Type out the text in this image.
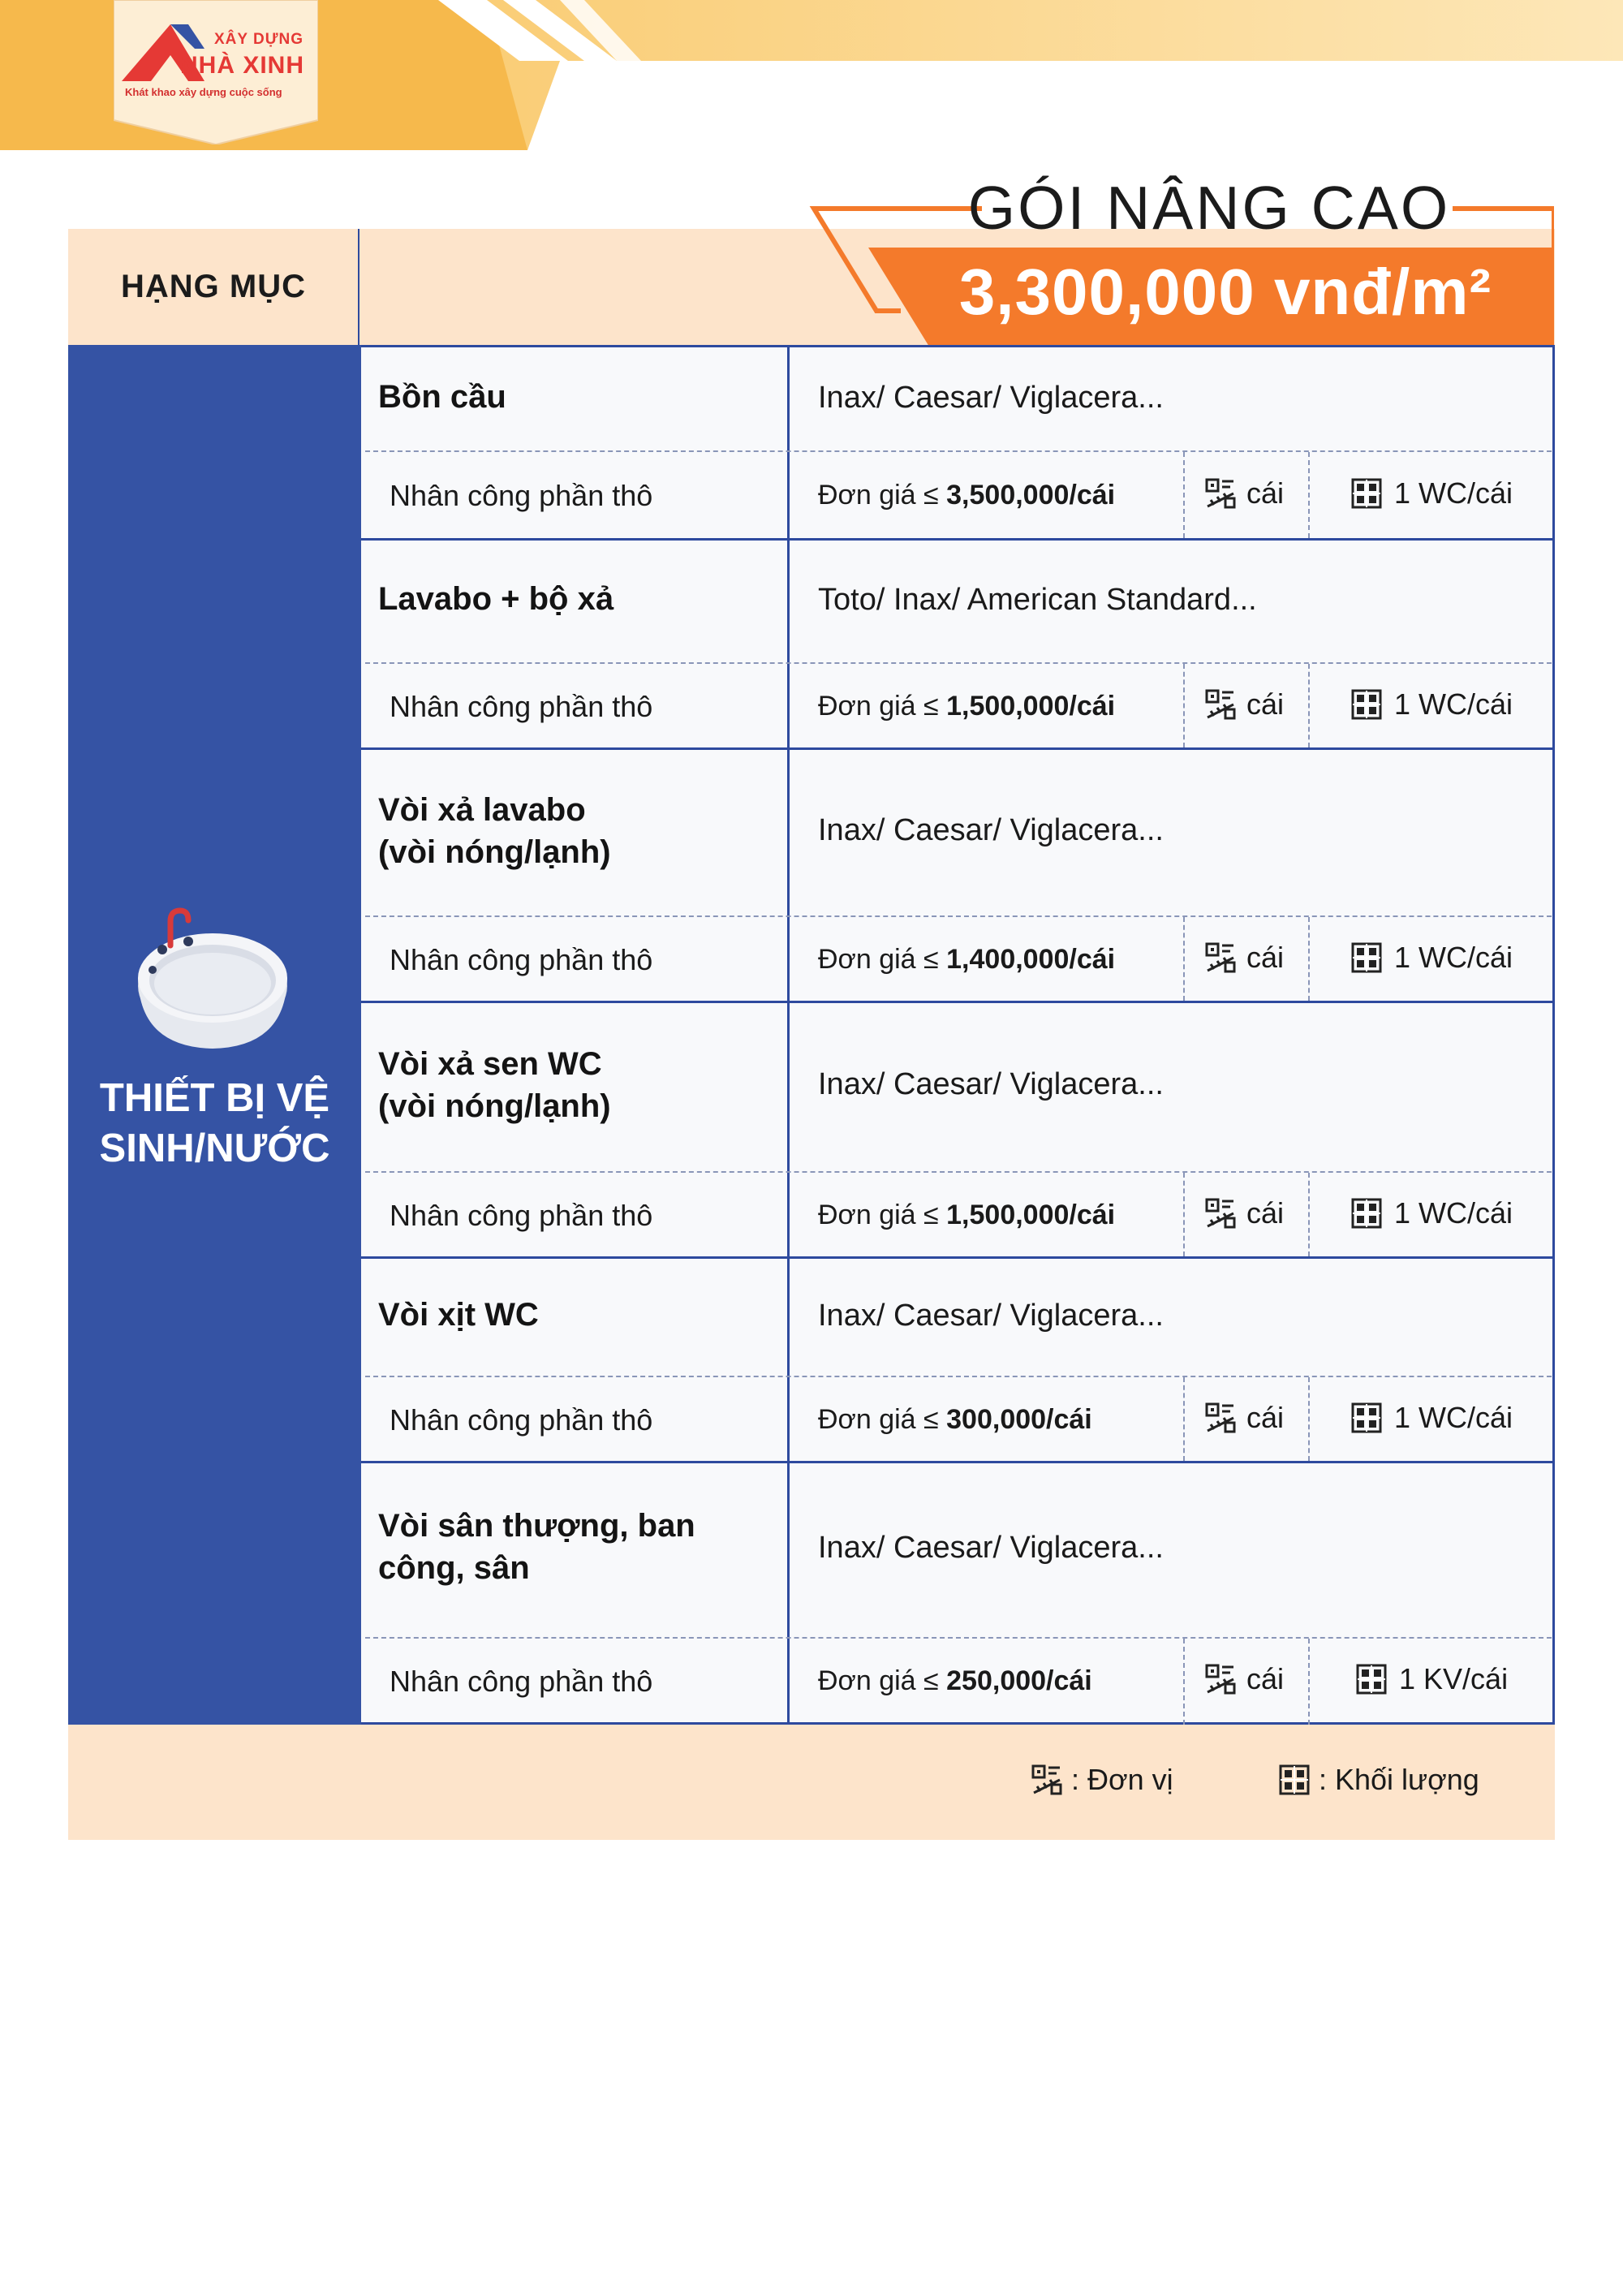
XÂY DỰNG
NHÀ XINH
Khát khao xây dựng cuộc sống
HẠNG MỤC
GÓI NÂNG CAO
3,300,000 vnđ/m²
THIẾT BỊ VỆ
SINH/NƯỚC
Bồn cầu	Inax/ Caesar/ Viglacera...
Nhân công phần thô	Đơn giá ≤ 3,500,000/cái	cái	1 WC/cái
Lavabo + bộ xả	Toto/ Inax/ American Standard...
Nhân công phần thô	Đơn giá ≤ 1,500,000/cái	cái	1 WC/cái
Vòi xả lavabo
(vòi nóng/lạnh)
Inax/ Caesar/ Viglacera...
Nhân công phần thô	Đơn giá ≤ 1,400,000/cái	cái	1 WC/cái
Vòi xả sen WC
(vòi nóng/lạnh)
Inax/ Caesar/ Viglacera...
Nhân công phần thô	Đơn giá ≤ 1,500,000/cái	cái	1 WC/cái
Vòi xịt WC	Inax/ Caesar/ Viglacera...
Nhân công phần thô	Đơn giá ≤ 300,000/cái	cái	1 WC/cái
Vòi sân thượng, ban
công, sân
Inax/ Caesar/ Viglacera...
Nhân công phần thô	Đơn giá ≤ 250,000/cái	cái	1 KV/cái
: Đơn vị	: Khối lượng
